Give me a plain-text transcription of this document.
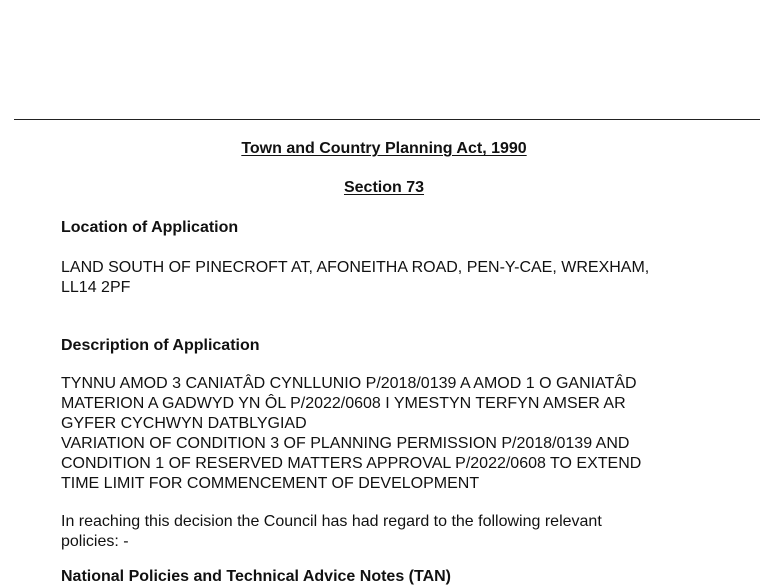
Town and Country Planning Act, 1990
Section 73
Location of Application
LAND SOUTH OF PINECROFT AT, AFONEITHA ROAD, PEN-Y-CAE, WREXHAM,
LL14 2PF
Description of Application
TYNNU AMOD 3 CANIATÂD CYNLLUNIO P/2018/0139 A AMOD 1 O GANIATÂD
MATERION A GADWYD YN ÔL P/2022/0608 I YMESTYN TERFYN AMSER AR
GYFER CYCHWYN DATBLYGIAD
VARIATION OF CONDITION 3 OF PLANNING PERMISSION P/2018/0139 AND
CONDITION 1 OF RESERVED MATTERS APPROVAL P/2022/0608 TO EXTEND
TIME LIMIT FOR COMMENCEMENT OF DEVELOPMENT
In reaching this decision the Council has had regard to the following relevant
policies: -
National Policies and Technical Advice Notes (TAN)
